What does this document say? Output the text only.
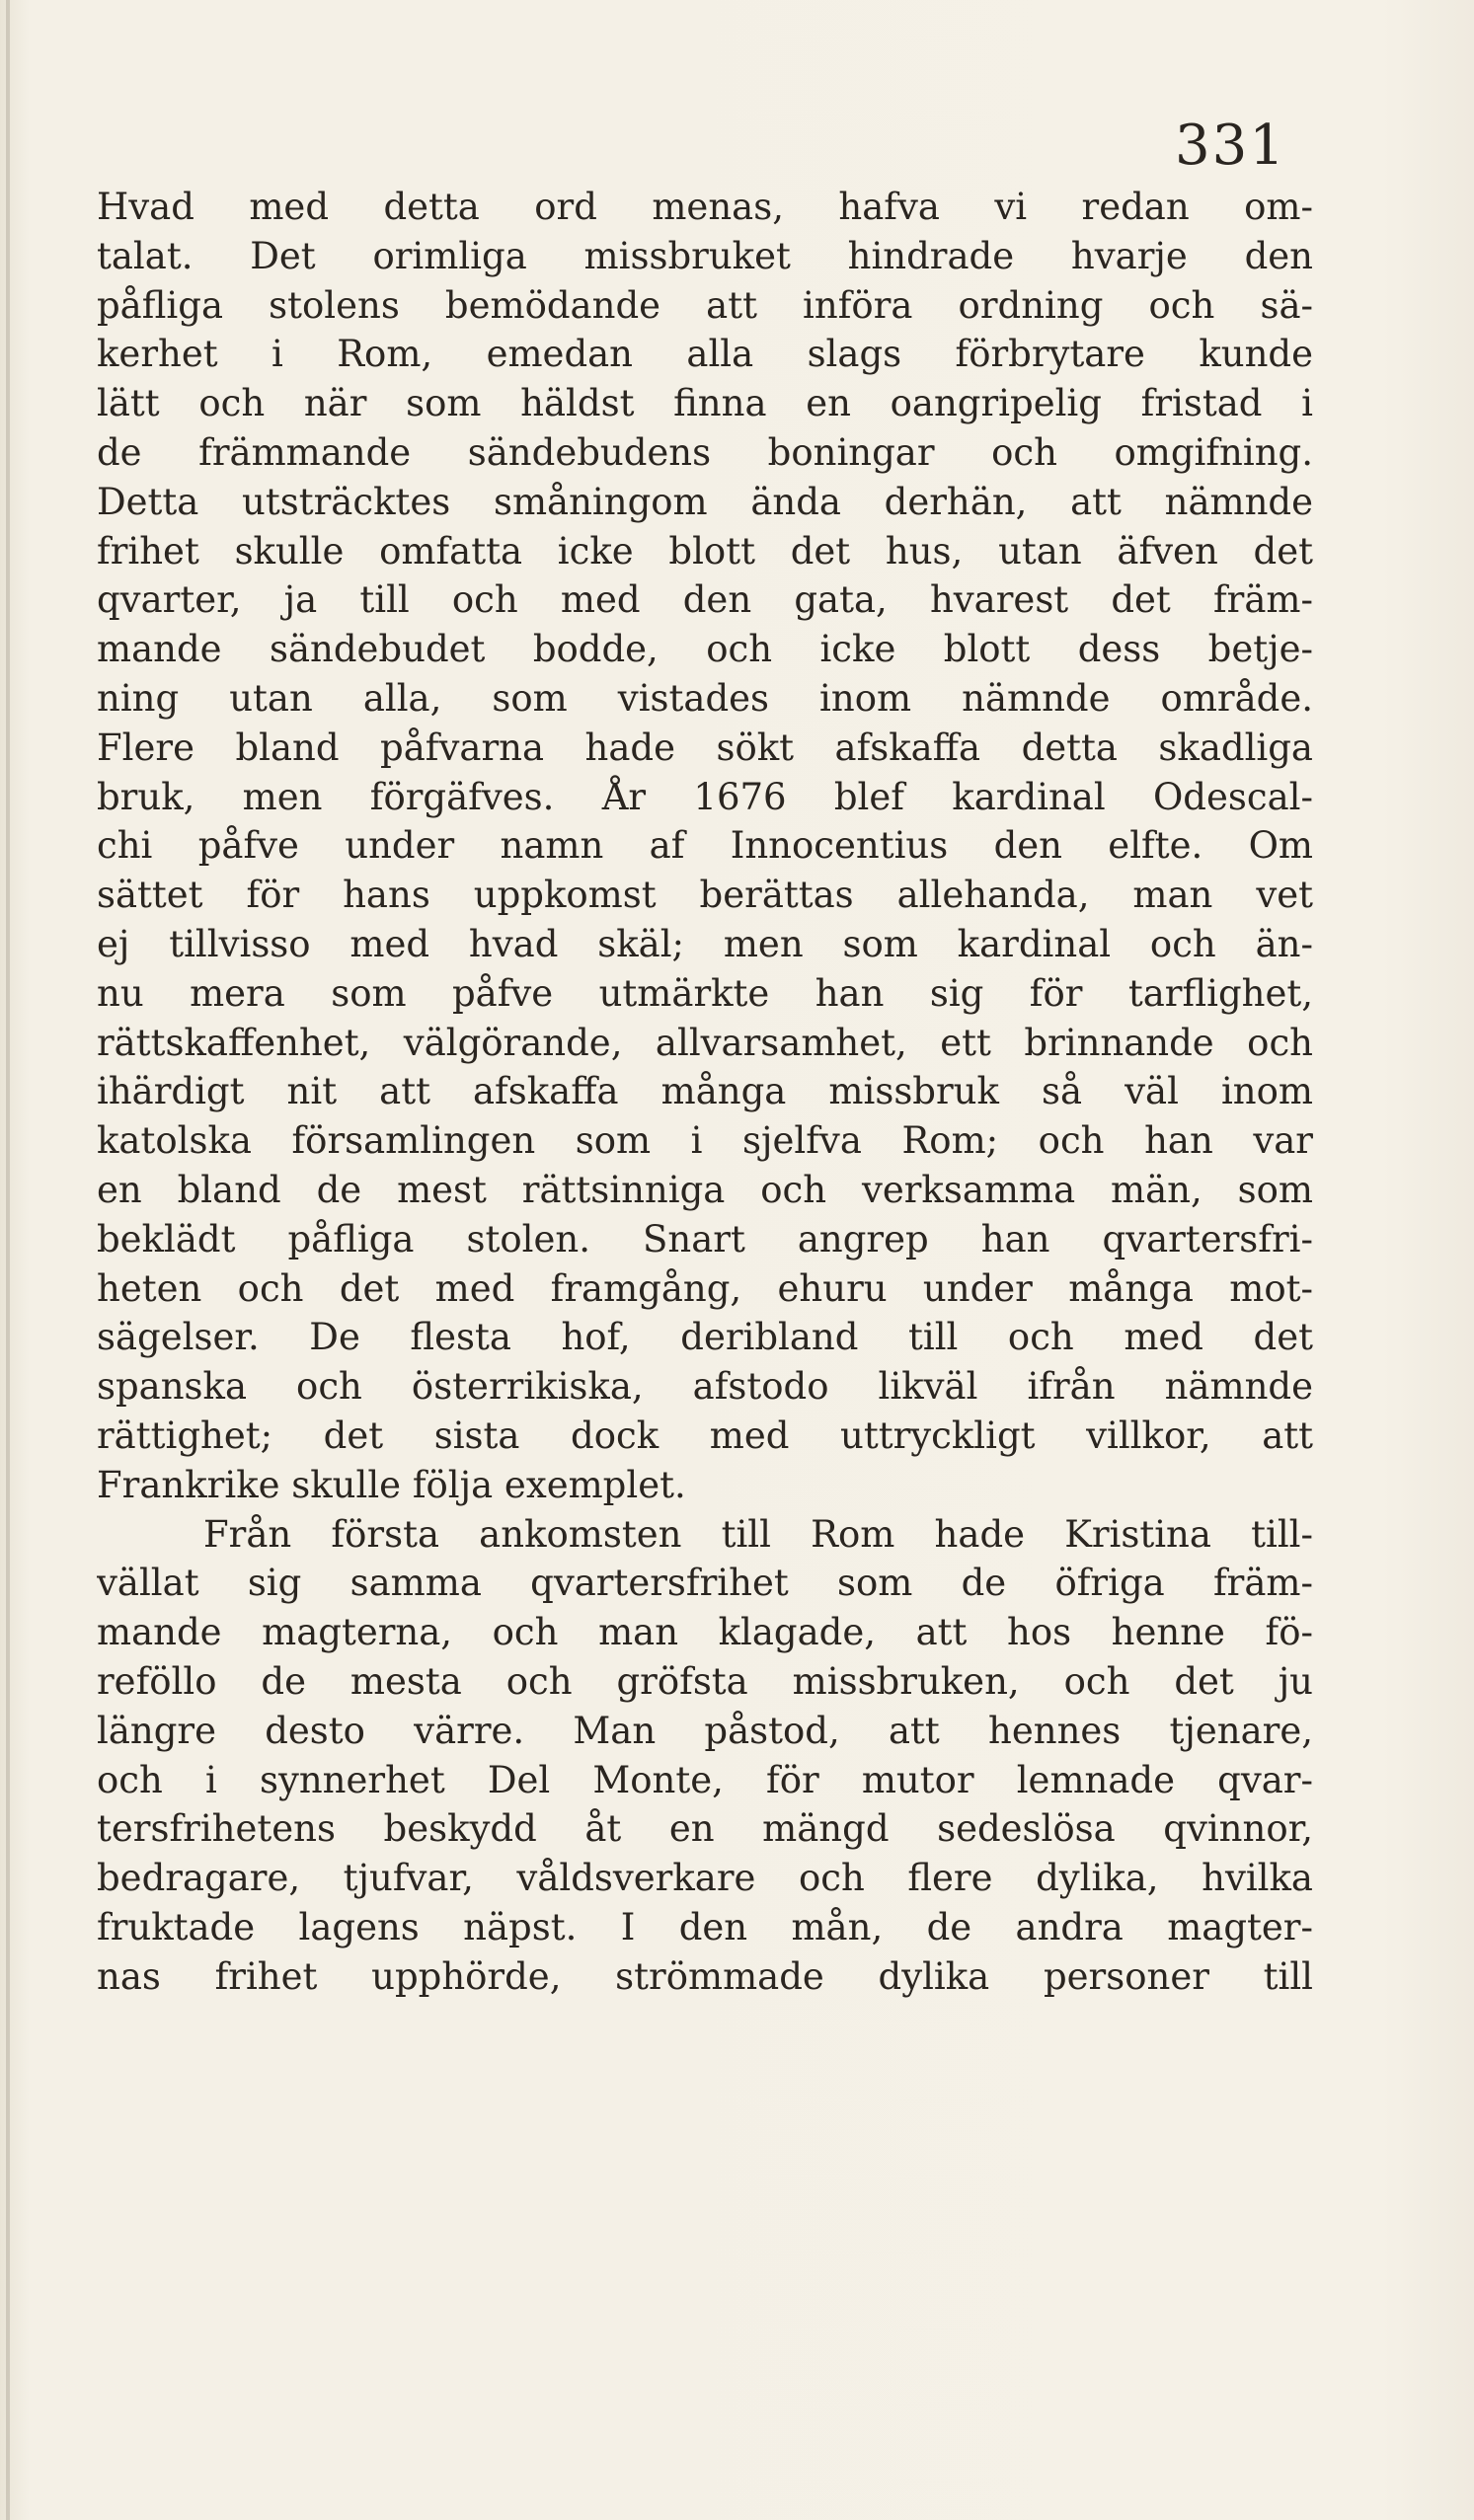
331
Hvad med detta ord menas, hafva vi redan om-
talat. Det orimliga missbruket hindrade hvarje den
påfliga stolens bemödande att införa ordning och sä-
kerhet i Rom, emedan alla slags förbrytare kunde
lätt och när som häldst finna en oangripelig fristad i
de främmande sändebudens boningar och omgifning.
Detta utsträcktes småningom ända derhän, att nämnde
frihet skulle omfatta icke blott det hus, utan äfven det
qvarter, ja till och med den gata, hvarest det främ-
mande sändebudet bodde, och icke blott dess betje-
ning utan alla, som vistades inom nämnde område.
Flere bland påfvarna hade sökt afskaffa detta skadliga
bruk, men förgäfves. År 1676 blef kardinal Odescal-
chi påfve under namn af Innocentius den elfte. Om
sättet för hans uppkomst berättas allehanda, man vet
ej tillvisso med hvad skäl; men som kardinal och än-
nu mera som påfve utmärkte han sig för tarflighet,
rättskaffenhet, välgörande, allvarsamhet, ett brinnande och
ihärdigt nit att afskaffa många missbruk så väl inom
katolska församlingen som i sjelfva Rom; och han var
en bland de mest rättsinniga och verksamma män, som
beklädt påfliga stolen. Snart angrep han qvartersfri-
heten och det med framgång, ehuru under många mot-
sägelser. De flesta hof, deribland till och med det
spanska och österrikiska, afstodo likväl ifrån nämnde
rättighet; det sista dock med uttryckligt villkor, att
Frankrike skulle följa exemplet.
Från första ankomsten till Rom hade Kristina till-
vällat sig samma qvartersfrihet som de öfriga främ-
mande magterna, och man klagade, att hos henne fö-
reföllo de mesta och gröfsta missbruken, och det ju
längre desto värre. Man påstod, att hennes tjenare,
och i synnerhet Del Monte, för mutor lemnade qvar-
tersfrihetens beskydd åt en mängd sedeslösa qvinnor,
bedragare, tjufvar, våldsverkare och flere dylika, hvilka
fruktade lagens näpst. I den mån, de andra magter-
nas frihet upphörde, strömmade dylika personer till
